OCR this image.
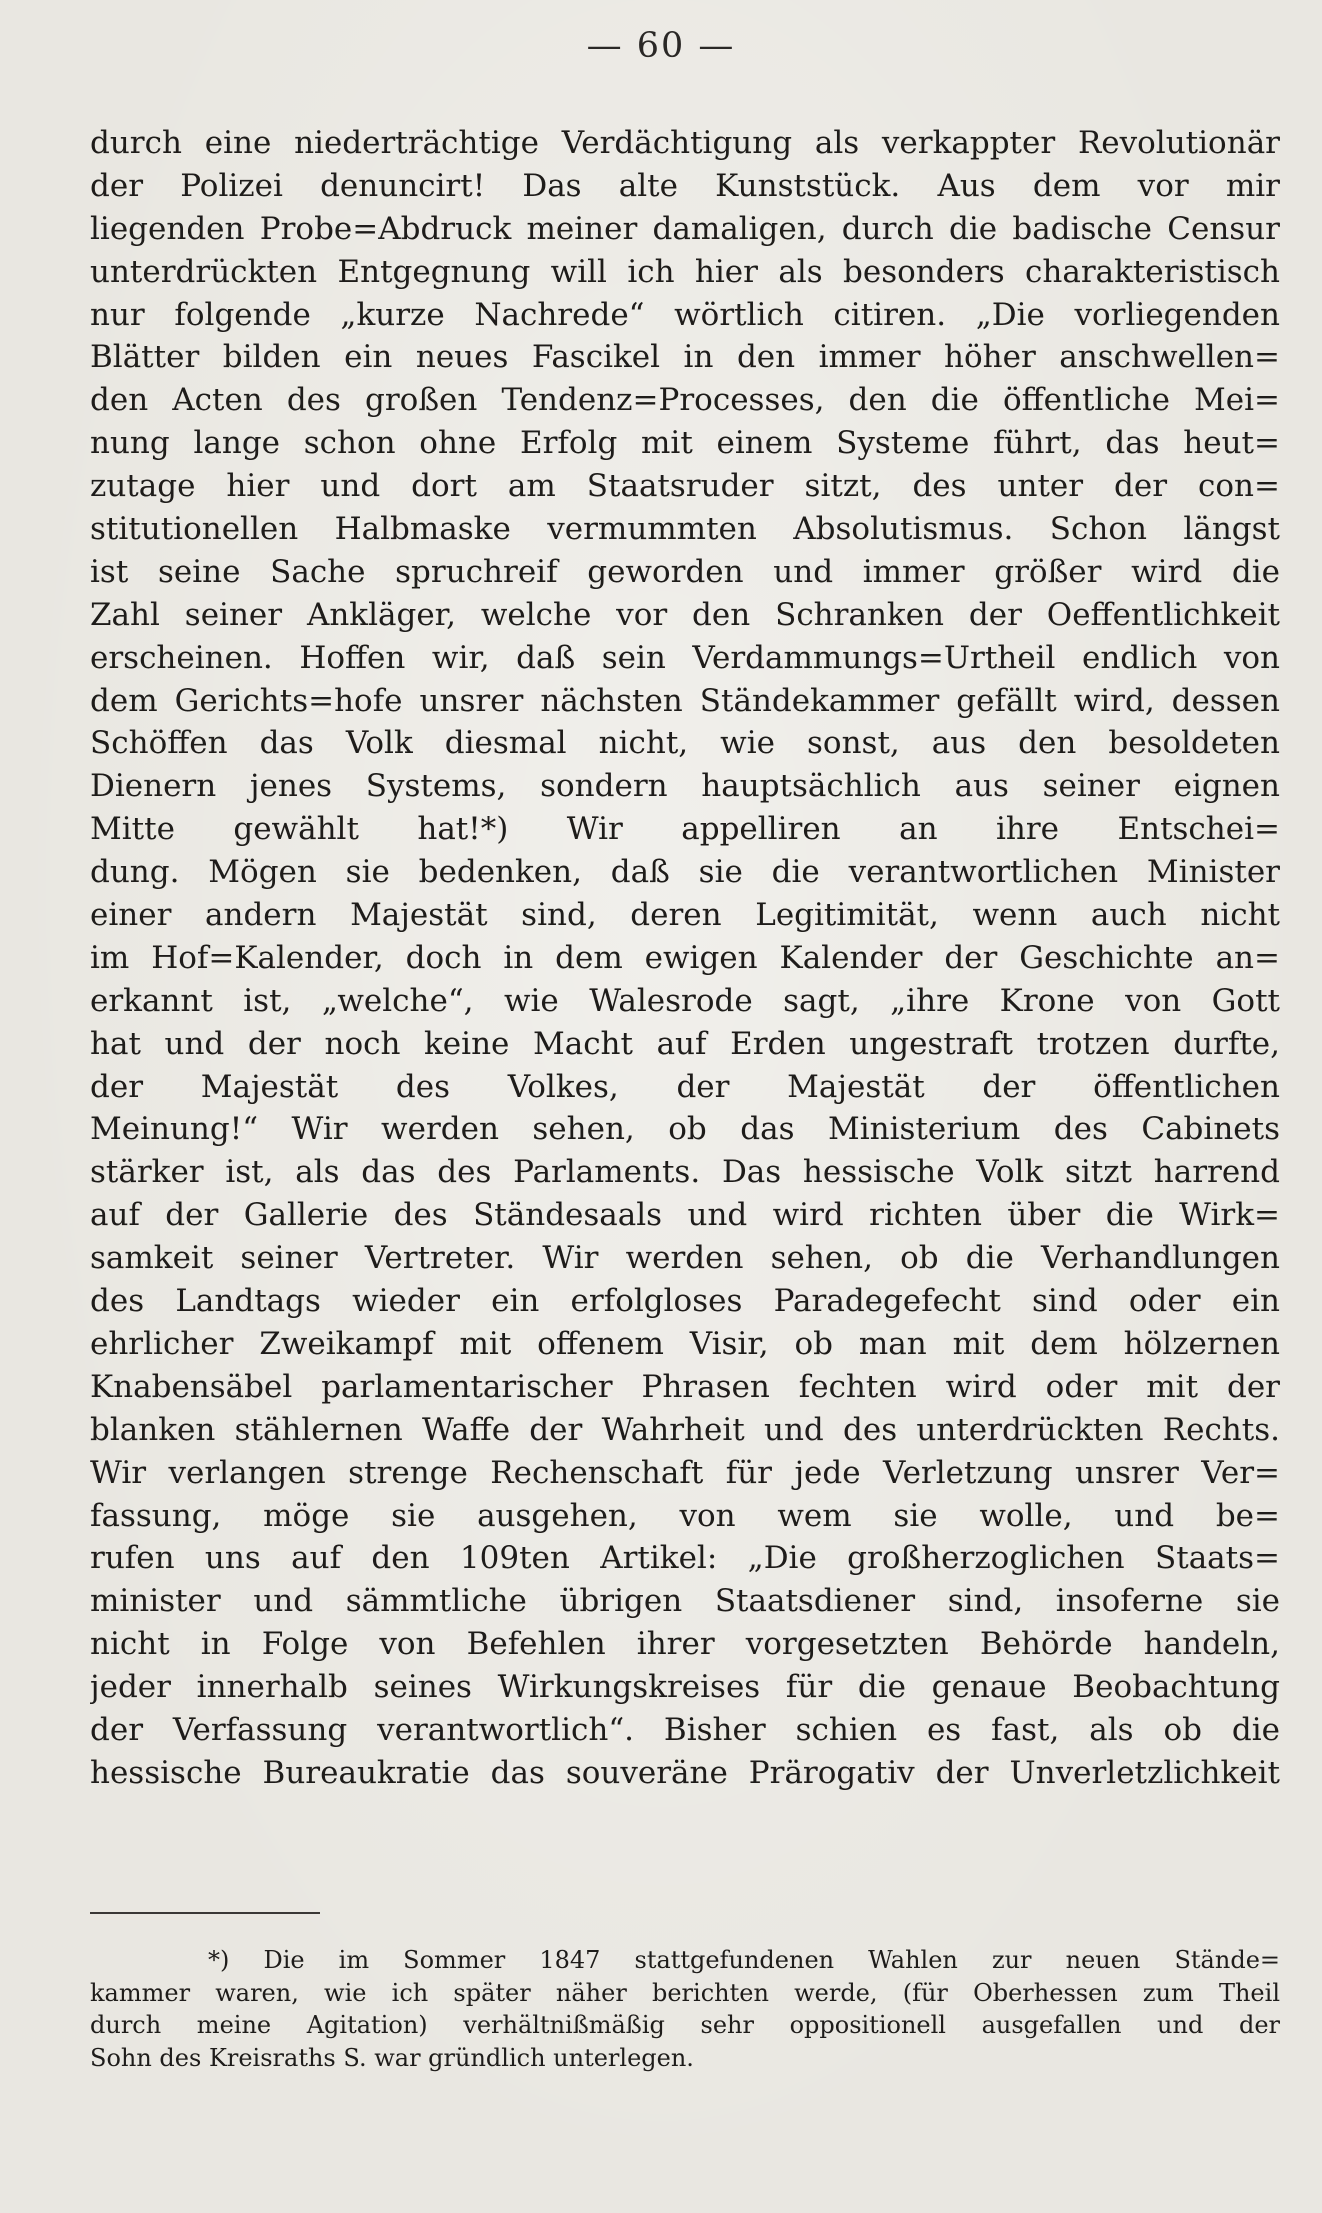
— 60 —
durch eine niederträchtige Verdächtigung als verkappter Revolutionär
der Polizei denuncirt! Das alte Kunststück. Aus dem vor mir
liegenden Probe=Abdruck meiner damaligen, durch die badische Censur
unterdrückten Entgegnung will ich hier als besonders charakteristisch
nur folgende „kurze Nachrede“ wörtlich citiren. „Die vorliegenden
Blätter bilden ein neues Fascikel in den immer höher anschwellen=
den Acten des großen Tendenz=Processes, den die öffentliche Mei=
nung lange schon ohne Erfolg mit einem Systeme führt, das heut=
zutage hier und dort am Staatsruder sitzt, des unter der con=
stitutionellen Halbmaske vermummten Absolutismus. Schon längst
ist seine Sache spruchreif geworden und immer größer wird die
Zahl seiner Ankläger, welche vor den Schranken der Oeffentlichkeit
erscheinen. Hoffen wir, daß sein Verdammungs=Urtheil endlich von
dem Gerichts=hofe unsrer nächsten Ständekammer gefällt wird, dessen
Schöffen das Volk diesmal nicht, wie sonst, aus den besoldeten
Dienern jenes Systems, sondern hauptsächlich aus seiner eignen
Mitte gewählt hat!*) Wir appelliren an ihre Entschei=
dung. Mögen sie bedenken, daß sie die verantwortlichen Minister
einer andern Majestät sind, deren Legitimität, wenn auch nicht
im Hof=Kalender, doch in dem ewigen Kalender der Geschichte an=
erkannt ist, „welche“, wie Walesrode sagt, „ihre Krone von Gott
hat und der noch keine Macht auf Erden ungestraft trotzen durfte,
der Majestät des Volkes, der Majestät der öffentlichen
Meinung!“ Wir werden sehen, ob das Ministerium des Cabinets
stärker ist, als das des Parlaments. Das hessische Volk sitzt harrend
auf der Gallerie des Ständesaals und wird richten über die Wirk=
samkeit seiner Vertreter. Wir werden sehen, ob die Verhandlungen
des Landtags wieder ein erfolgloses Paradegefecht sind oder ein
ehrlicher Zweikampf mit offenem Visir, ob man mit dem hölzernen
Knabensäbel parlamentarischer Phrasen fechten wird oder mit der
blanken stählernen Waffe der Wahrheit und des unterdrückten Rechts.
Wir verlangen strenge Rechenschaft für jede Verletzung unsrer Ver=
fassung, möge sie ausgehen, von wem sie wolle, und be=
rufen uns auf den 109ten Artikel: „Die großherzoglichen Staats=
minister und sämmtliche übrigen Staatsdiener sind, insoferne sie
nicht in Folge von Befehlen ihrer vorgesetzten Behörde handeln,
jeder innerhalb seines Wirkungskreises für die genaue Beobachtung
der Verfassung verantwortlich“. Bisher schien es fast, als ob die
hessische Bureaukratie das souveräne Prärogativ der Unverletzlichkeit
*) Die im Sommer 1847 stattgefundenen Wahlen zur neuen Stände=
kammer waren, wie ich später näher berichten werde, (für Oberhessen zum Theil
durch meine Agitation) verhältnißmäßig sehr oppositionell ausgefallen und der
Sohn des Kreisraths S. war gründlich unterlegen.
